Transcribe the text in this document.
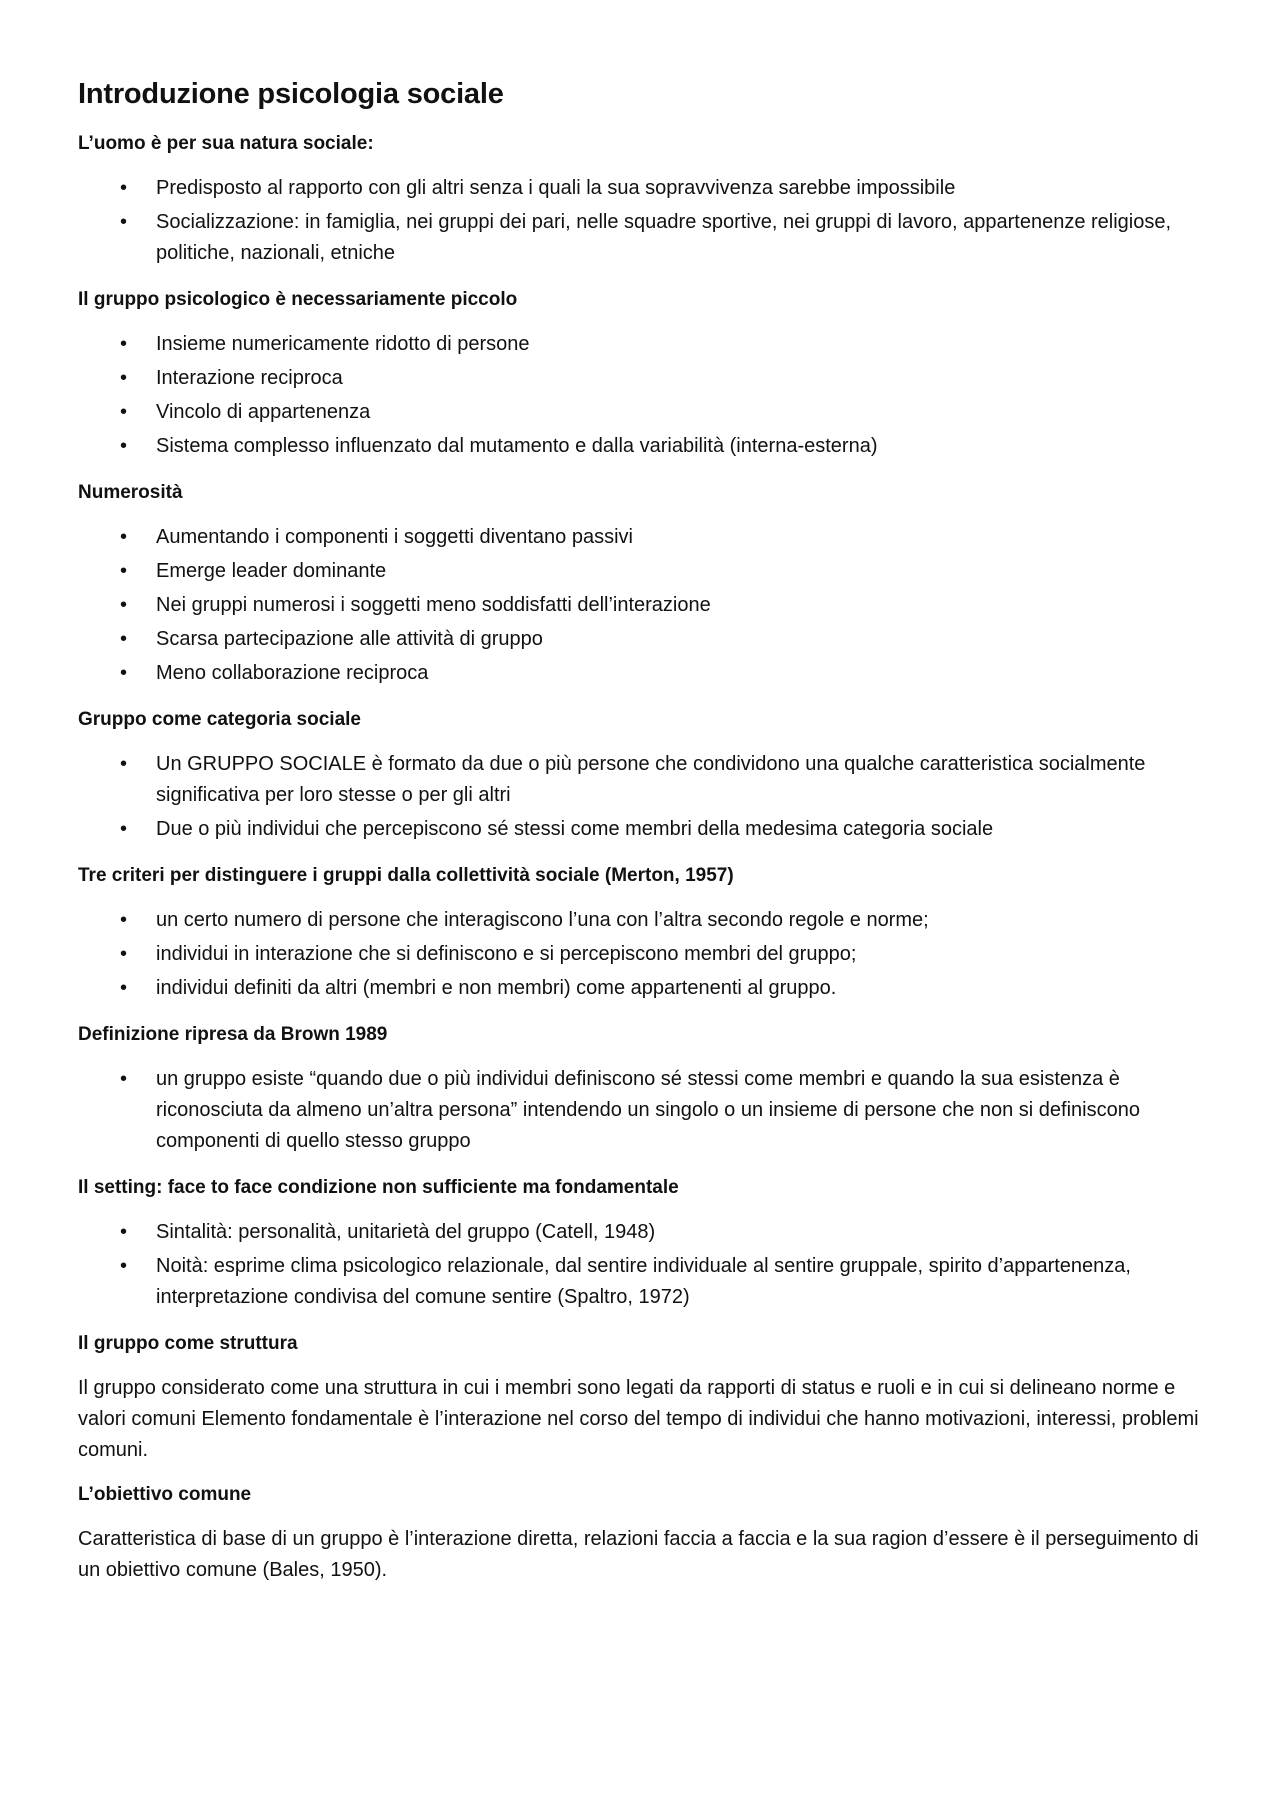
Introduzione psicologia sociale
L’uomo è per sua natura sociale:
• Predisposto al rapporto con gli altri senza i quali la sua sopravvivenza sarebbe impossibile
• Socializzazione: in famiglia, nei gruppi dei pari, nelle squadre sportive, nei gruppi di lavoro, appartenenze religiose, politiche, nazionali, etniche
Il gruppo psicologico è necessariamente piccolo
• Insieme numericamente ridotto di persone
• Interazione reciproca
• Vincolo di appartenenza
• Sistema complesso influenzato dal mutamento e dalla variabilità (interna-esterna)
Numerosità
• Aumentando i componenti i soggetti diventano passivi
• Emerge leader dominante
• Nei gruppi numerosi i soggetti meno soddisfatti dell’interazione
• Scarsa partecipazione alle attività di gruppo
• Meno collaborazione reciproca
Gruppo come categoria sociale
• Un GRUPPO SOCIALE è formato da due o più persone che condividono una qualche caratteristica socialmente significativa per loro stesse o per gli altri
• Due o più individui che percepiscono sé stessi come membri della medesima categoria sociale
Tre criteri per distinguere i gruppi dalla collettività sociale (Merton, 1957)
• un certo numero di persone che interagiscono l’una con l’altra secondo regole e norme;
• individui in interazione che si definiscono e si percepiscono membri del gruppo;
• individui definiti da altri (membri e non membri) come appartenenti al gruppo.
Definizione ripresa da Brown 1989
• un gruppo esiste “quando due o più individui definiscono sé stessi come membri e quando la sua esistenza è riconosciuta da almeno un’altra persona” intendendo un singolo o un insieme di persone che non si definiscono componenti di quello stesso gruppo
Il setting: face to face condizione non sufficiente ma fondamentale
• Sintalità: personalità, unitarietà del gruppo (Catell, 1948)
• Noità: esprime clima psicologico relazionale, dal sentire individuale al sentire gruppale, spirito d’appartenenza, interpretazione condivisa del comune sentire (Spaltro, 1972)
Il gruppo come struttura

Il gruppo considerato come una struttura in cui i membri sono legati da rapporti di status e ruoli e in cui si delineano norme e valori comuni Elemento fondamentale è l’interazione nel corso del tempo di individui che hanno motivazioni, interessi, problemi comuni.

L’obiettivo comune

Caratteristica di base di un gruppo è l’interazione diretta, relazioni faccia a faccia e la sua ragion d’essere è il perseguimento di un obiettivo comune (Bales, 1950).
